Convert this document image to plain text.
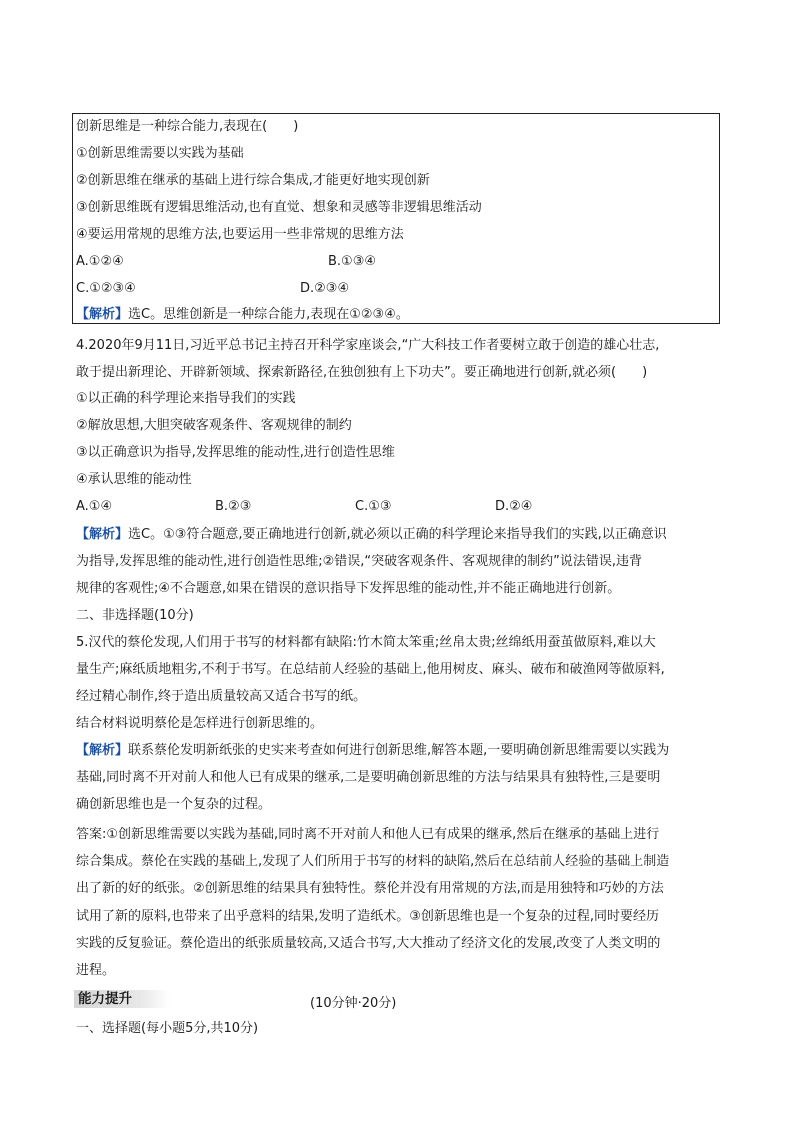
创新思维是一种综合能力,表现在(　　)
①创新思维需要以实践为基础
②创新思维在继承的基础上进行综合集成,才能更好地实现创新
③创新思维既有逻辑思维活动,也有直觉、想象和灵感等非逻辑思维活动
④要运用常规的思维方法,也要运用一些非常规的思维方法
A.①②④	B.①③④
C.①②③④	D.②③④
【解析】选C。思维创新是一种综合能力,表现在①②③④。
4.2020年9月11日,习近平总书记主持召开科学家座谈会,“广大科技工作者要树立敢于创造的雄心壮志,
敢于提出新理论、开辟新领域、探索新路径,在独创独有上下功夫”。要正确地进行创新,就必须(　　)
①以正确的科学理论来指导我们的实践
②解放思想,大胆突破客观条件、客观规律的制约
③以正确意识为指导,发挥思维的能动性,进行创造性思维
④承认思维的能动性
A.①④	B.②③	C.①③	D.②④
【解析】选C。①③符合题意,要正确地进行创新,就必须以正确的科学理论来指导我们的实践,以正确意识
为指导,发挥思维的能动性,进行创造性思维;②错误,“突破客观条件、客观规律的制约”说法错误,违背
规律的客观性;④不合题意,如果在错误的意识指导下发挥思维的能动性,并不能正确地进行创新。
二、非选择题(10分)
5.汉代的蔡伦发现,人们用于书写的材料都有缺陷:竹木简太笨重;丝帛太贵;丝绵纸用蚕茧做原料,难以大
量生产;麻纸质地粗劣,不利于书写。在总结前人经验的基础上,他用树皮、麻头、破布和破渔网等做原料,
经过精心制作,终于造出质量较高又适合书写的纸。
结合材料说明蔡伦是怎样进行创新思维的。
【解析】联系蔡伦发明新纸张的史实来考查如何进行创新思维,解答本题,一要明确创新思维需要以实践为
基础,同时离不开对前人和他人已有成果的继承,二是要明确创新思维的方法与结果具有独特性,三是要明
确创新思维也是一个复杂的过程。
答案:①创新思维需要以实践为基础,同时离不开对前人和他人已有成果的继承,然后在继承的基础上进行
综合集成。蔡伦在实践的基础上,发现了人们所用于书写的材料的缺陷,然后在总结前人经验的基础上制造
出了新的好的纸张。②创新思维的结果具有独特性。蔡伦并没有用常规的方法,而是用独特和巧妙的方法
试用了新的原料,也带来了出乎意料的结果,发明了造纸术。③创新思维也是一个复杂的过程,同时要经历
实践的反复验证。蔡伦造出的纸张质量较高,又适合书写,大大推动了经济文化的发展,改变了人类文明的
进程。
能力提升	(10分钟·20分)
一、选择题(每小题5分,共10分)
